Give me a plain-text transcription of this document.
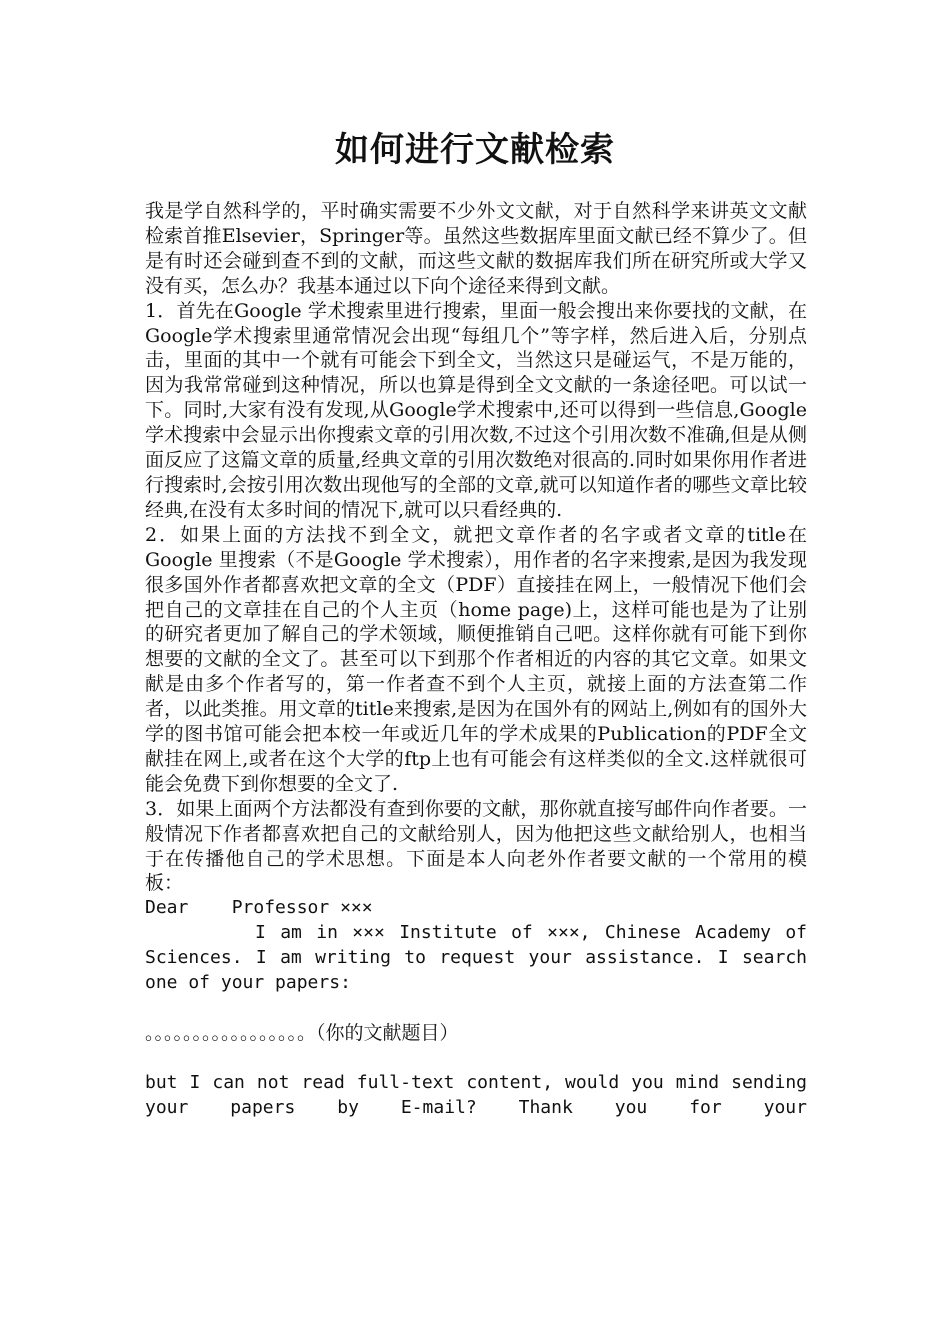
如何进行文献检索

我是学自然科学的，平时确实需要不少外文文献，对于自然科学来讲英文文献检索首推Elsevier，Springer等。虽然这些数据库里面文献已经不算少了。但是有时还会碰到查不到的文献，而这些文献的数据库我们所在研究所或大学又没有买，怎么办？我基本通过以下向个途径来得到文献。

1．首先在Google 学术搜索里进行搜索，里面一般会搜出来你要找的文献，在Google学术搜索里通常情况会出现“每组几个”等字样，然后进入后，分别点击，里面的其中一个就有可能会下到全文，当然这只是碰运气，不是万能的，因为我常常碰到这种情况，所以也算是得到全文文献的一条途径吧。可以试一下。同时,大家有没有发现,从Google学术搜索中,还可以得到一些信息,Google学术搜索中会显示出你搜索文章的引用次数,不过这个引用次数不准确,但是从侧面反应了这篇文章的质量,经典文章的引用次数绝对很高的.同时如果你用作者进行搜索时,会按引用次数出现他写的全部的文章,就可以知道作者的哪些文章比较经典,在没有太多时间的情况下,就可以只看经典的.

2．如果上面的方法找不到全文，就把文章作者的名字或者文章的title在Google 里搜索（不是Google 学术搜索），用作者的名字来搜索,是因为我发现很多国外作者都喜欢把文章的全文（PDF）直接挂在网上，一般情况下他们会把自己的文章挂在自己的个人主页（home page)上，这样可能也是为了让别的研究者更加了解自己的学术领域，顺便推销自己吧。这样你就有可能下到你想要的文献的全文了。甚至可以下到那个作者相近的内容的其它文章。如果文献是由多个作者写的，第一作者查不到个人主页，就接上面的方法查第二作者，以此类推。用文章的title来搜索,是因为在国外有的网站上,例如有的国外大学的图书馆可能会把本校一年或近几年的学术成果的Publication的PDF全文献挂在网上,或者在这个大学的ftp上也有可能会有这样类似的全文.这样就很可能会免费下到你想要的全文了.

3．如果上面两个方法都没有查到你要的文献，那你就直接写邮件向作者要。一般情况下作者都喜欢把自己的文献给别人，因为他把这些文献给别人，也相当于在传播他自己的学术思想。下面是本人向老外作者要文献的一个常用的模板：

Dear    Professor ×××

I am in ××× Institute of ×××, Chinese Academy of Sciences. I am writing to request your assistance. I search one of your papers:

。。。。。。。。。。。。。。。。。（你的文献题目）

but I can not read full-text content, would you mind sending your papers by E-mail? Thank you for your
